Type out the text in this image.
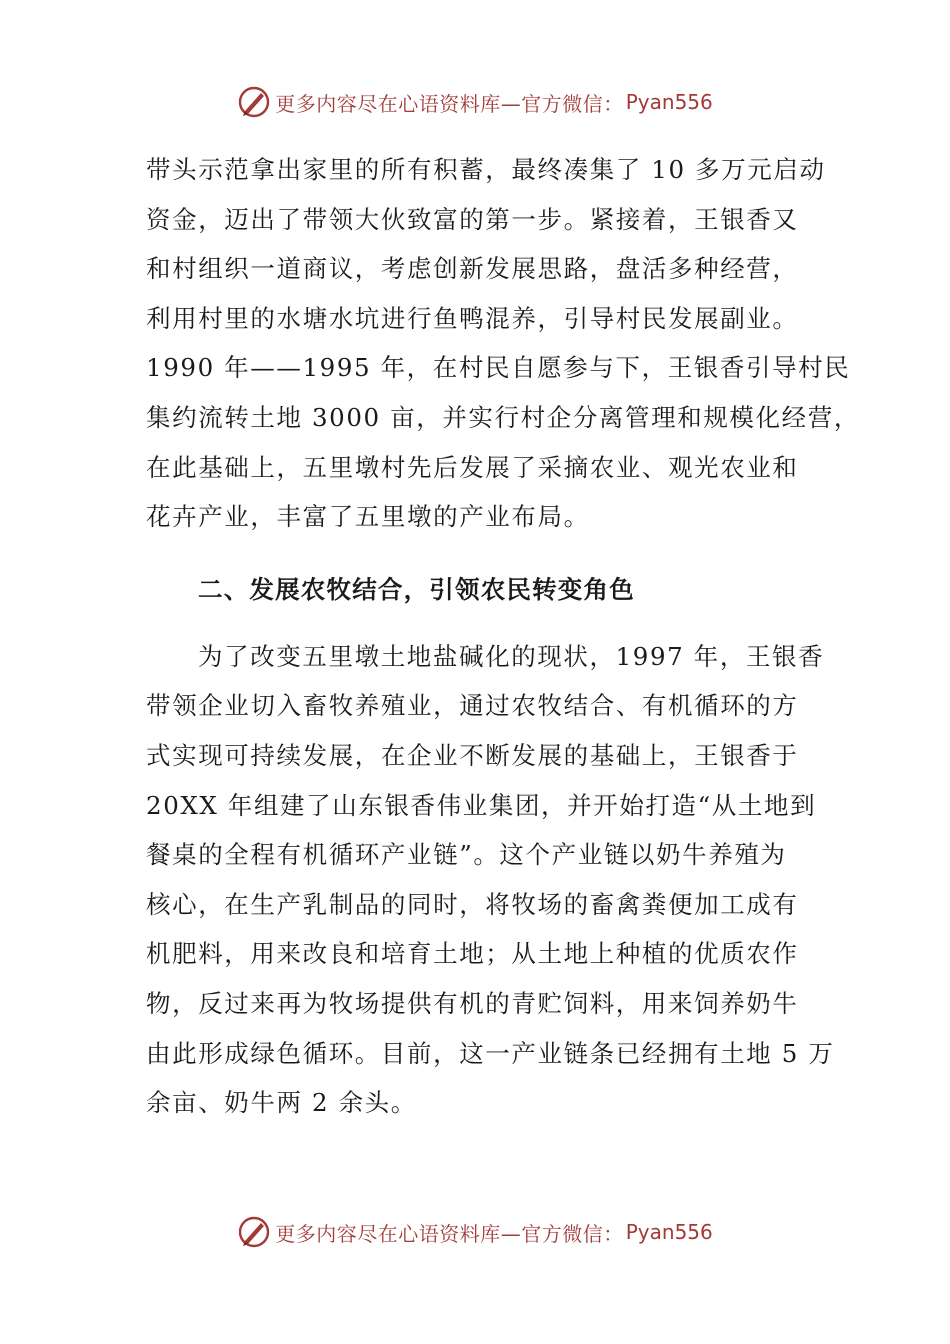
更多内容尽在心语资料库—官方微信： Pyan556

带头示范拿出家里的所有积蓄，最终凑集了 10 多万元启动
资金，迈出了带领大伙致富的第一步。紧接着，王银香又
和村组织一道商议，考虑创新发展思路，盘活多种经营，
利用村里的水塘水坑进行鱼鸭混养，引导村民发展副业。
1990 年——1995 年，在村民自愿参与下，王银香引导村民
集约流转土地 3000 亩，并实行村企分离管理和规模化经营，
在此基础上，五里墩村先后发展了采摘农业、观光农业和
花卉产业，丰富了五里墩的产业布局。

二、发展农牧结合，引领农民转变角色

为了改变五里墩土地盐碱化的现状，1997 年，王银香
带领企业切入畜牧养殖业，通过农牧结合、有机循环的方
式实现可持续发展，在企业不断发展的基础上，王银香于
20XX 年组建了山东银香伟业集团，并开始打造“从土地到
餐桌的全程有机循环产业链”。这个产业链以奶牛养殖为
核心，在生产乳制品的同时，将牧场的畜禽粪便加工成有
机肥料，用来改良和培育土地；从土地上种植的优质农作
物，反过来再为牧场提供有机的青贮饲料，用来饲养奶牛
由此形成绿色循环。目前，这一产业链条已经拥有土地 5 万
余亩、奶牛两 2 余头。

更多内容尽在心语资料库—官方微信： Pyan556
